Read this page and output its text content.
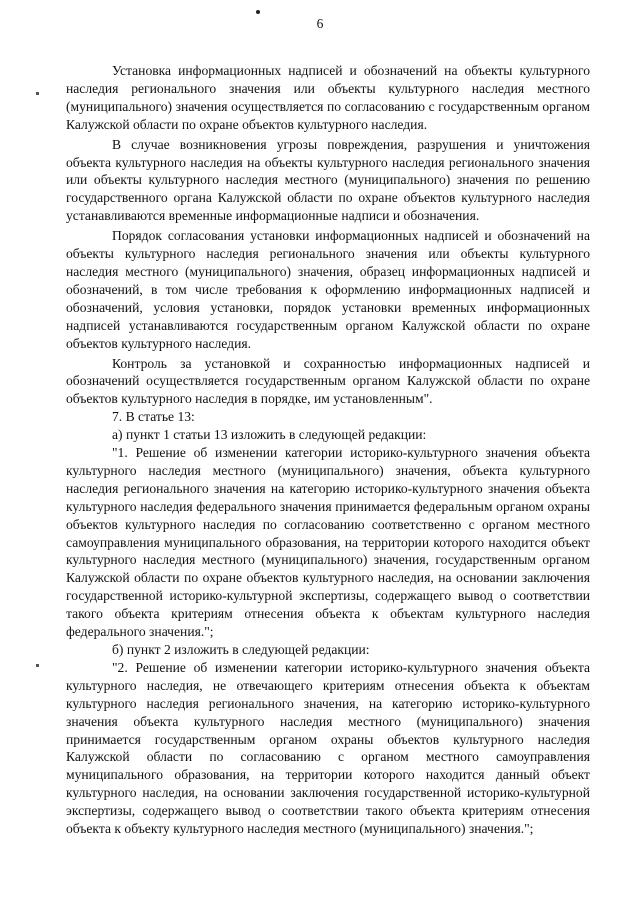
6

Установка информационных надписей и обозначений на объекты культурного наследия регионального значения или объекты культурного наследия местного (муниципального) значения осуществляется по согласованию с государственным органом Калужской области по охране объектов культурного наследия.

В случае возникновения угрозы повреждения, разрушения и уничтожения объекта культурного наследия на объекты культурного наследия регионального значения или объекты культурного наследия местного (муниципального) значения по решению государственного органа Калужской области по охране объектов культурного наследия устанавливаются временные информационные надписи и обозначения.

Порядок согласования установки информационных надписей и обозначений на объекты культурного наследия регионального значения или объекты культурного наследия местного (муниципального) значения, образец информационных надписей и обозначений, в том числе требования к оформлению информационных надписей и обозначений, условия установки, порядок установки временных информационных надписей устанавливаются государственным органом Калужской области по охране объектов культурного наследия.

Контроль за установкой и сохранностью информационных надписей и обозначений осуществляется государственным органом Калужской области по охране объектов культурного наследия в порядке, им установленным".

7. В статье 13:

а) пункт 1 статьи 13 изложить в следующей редакции:

"1. Решение об изменении категории историко-культурного значения объекта культурного наследия местного (муниципального) значения, объекта культурного наследия регионального значения на категорию историко-культурного значения объекта культурного наследия федерального значения принимается федеральным органом охраны объектов культурного наследия по согласованию соответственно с органом местного самоуправления муниципального образования, на территории которого находится объект культурного наследия местного (муниципального) значения, государственным органом Калужской области по охране объектов культурного наследия, на основании заключения государственной историко-культурной экспертизы, содержащего вывод о соответствии такого объекта критериям отнесения объекта к объектам культурного наследия федерального значения.";

б) пункт 2 изложить в следующей редакции:

"2. Решение об изменении категории историко-культурного значения объекта культурного наследия, не отвечающего критериям отнесения объекта к объектам культурного наследия регионального значения, на категорию историко-культурного значения объекта культурного наследия местного (муниципального) значения принимается государственным органом охраны объектов культурного наследия Калужской области по согласованию с органом местного самоуправления муниципального образования, на территории которого находится данный объект культурного наследия, на основании заключения государственной историко-культурной экспертизы, содержащего вывод о соответствии такого объекта критериям отнесения объекта к объекту культурного наследия местного (муниципального) значения.";
